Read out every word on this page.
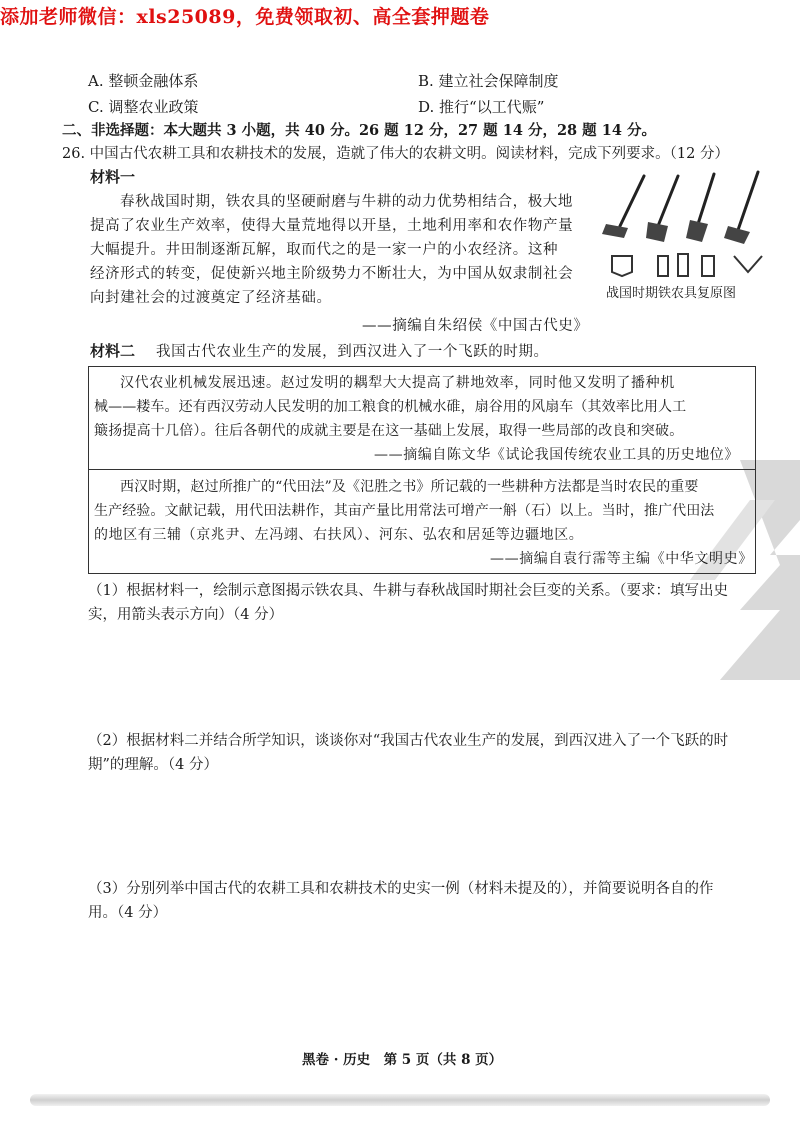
添加老师微信：xls25089，免费领取初、高全套押题卷
A. 整顿金融体系	B. 建立社会保障制度
C. 调整农业政策	D. 推行“以工代赈”
二、非选择题：本大题共 3 小题，共 40 分。26 题 12 分，27 题 14 分，28 题 14 分。
26. 中国古代农耕工具和农耕技术的发展，造就了伟大的农耕文明。阅读材料，完成下列要求。（12 分）
材料一
春秋战国时期，铁农具的坚硬耐磨与牛耕的动力优势相结合，极大地
提高了农业生产效率，使得大量荒地得以开垦，土地利用率和农作物产量
大幅提升。井田制逐渐瓦解，取而代之的是一家一户的小农经济。这种
经济形式的转变，促使新兴地主阶级势力不断壮大，为中国从奴隶制社会
向封建社会的过渡奠定了经济基础。
——摘编自朱绍侯《中国古代史》
战国时期铁农具复原图
材料二 我国古代农业生产的发展，到西汉进入了一个飞跃的时期。
汉代农业机械发展迅速。赵过发明的耦犁大大提高了耕地效率，同时他又发明了播种机
械——耧车。还有西汉劳动人民发明的加工粮食的机械水碓，扇谷用的风扇车（其效率比用人工
簸扬提高十几倍）。往后各朝代的成就主要是在这一基础上发展，取得一些局部的改良和突破。
——摘编自陈文华《试论我国传统农业工具的历史地位》
西汉时期，赵过所推广的“代田法”及《氾胜之书》所记载的一些耕种方法都是当时农民的重要
生产经验。文献记载，用代田法耕作，其亩产量比用常法可增产一斛（石）以上。当时，推广代田法
的地区有三辅（京兆尹、左冯翊、右扶风）、河东、弘农和居延等边疆地区。
——摘编自袁行霈等主编《中华文明史》
（1）根据材料一，绘制示意图揭示铁农具、牛耕与春秋战国时期社会巨变的关系。（要求：填写出史
实，用箭头表示方向）（4 分）
（2）根据材料二并结合所学知识，谈谈你对“我国古代农业生产的发展，到西汉进入了一个飞跃的时
期”的理解。（4 分）
（3）分别列举中国古代的农耕工具和农耕技术的史实一例（材料未提及的），并简要说明各自的作
用。（4 分）
黑卷 · 历史　第 5 页（共 8 页）
